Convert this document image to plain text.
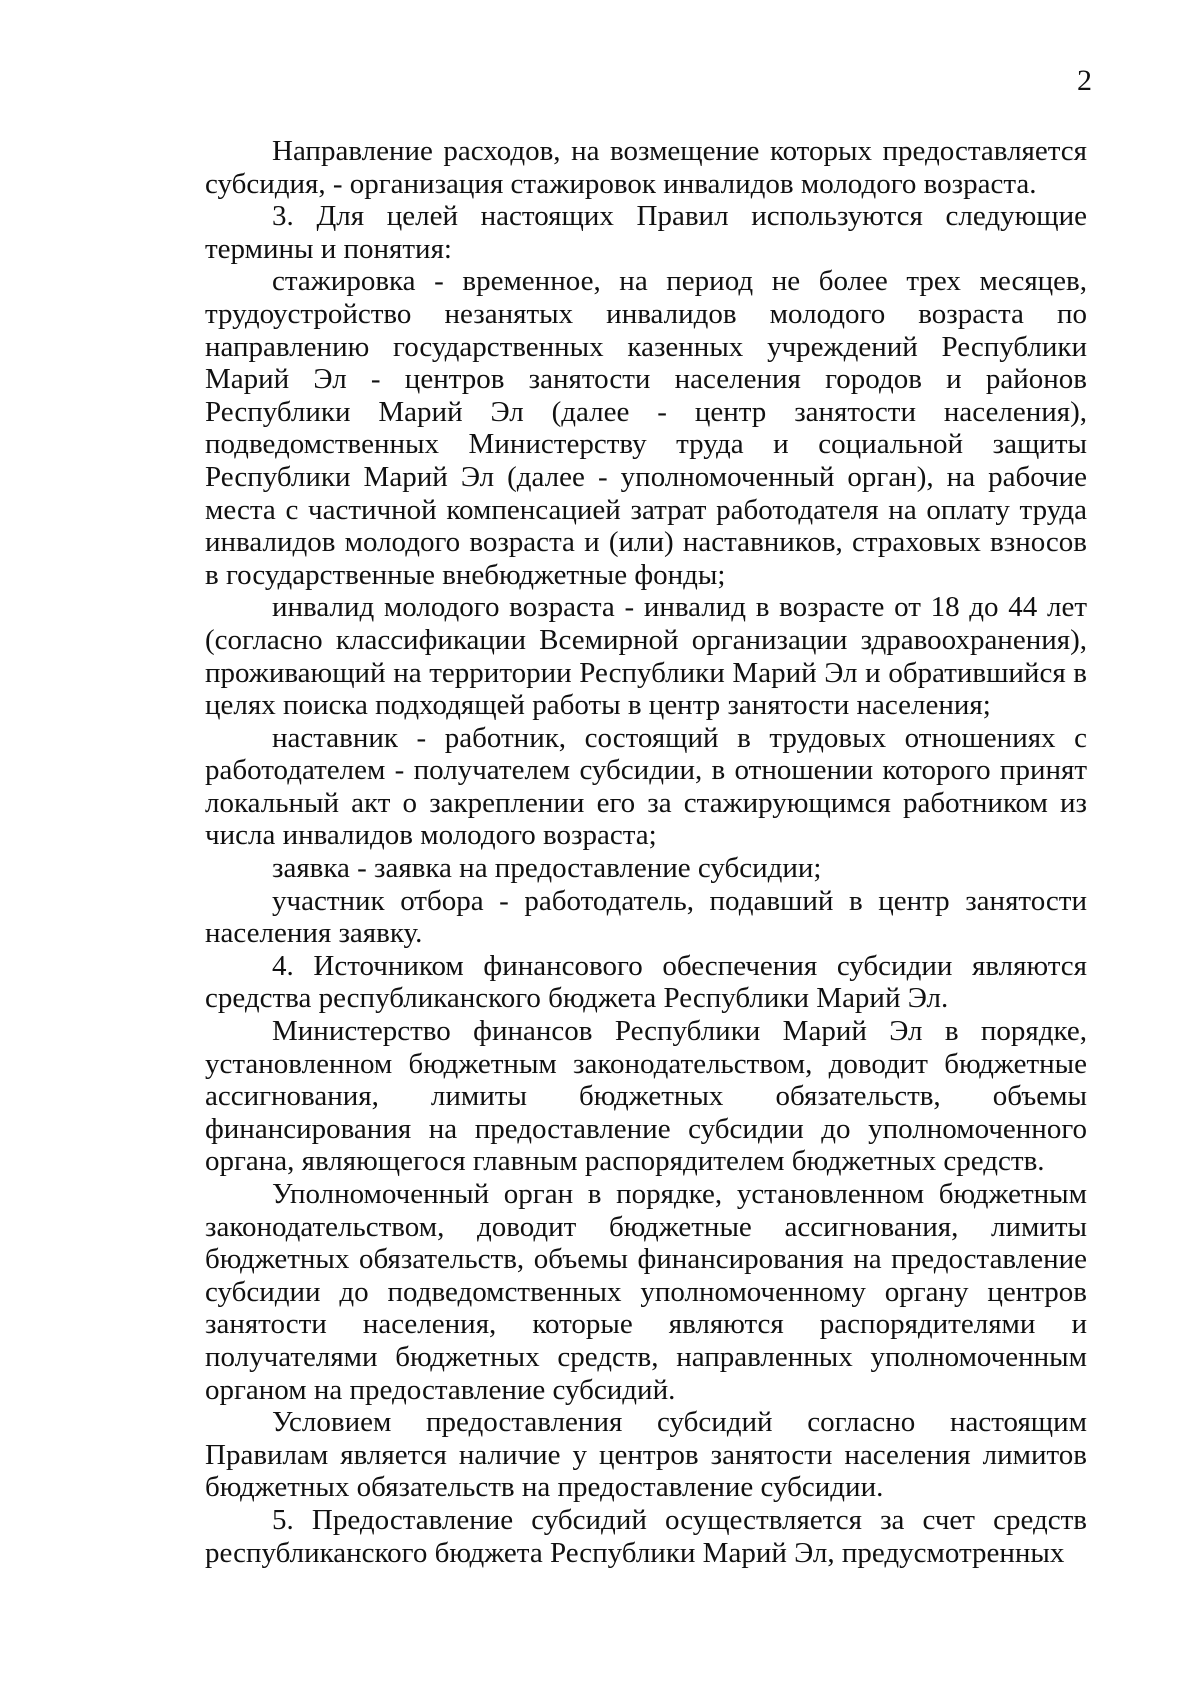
2

Направление расходов, на возмещение которых предоставляется субсидия, - организация стажировок инвалидов молодого возраста.

3. Для целей настоящих Правил используются следующие термины и понятия:

стажировка - временное, на период не более трех месяцев, трудоустройство незанятых инвалидов молодого возраста по направлению государственных казенных учреждений Республики Марий Эл - центров занятости населения городов и районов Республики Марий Эл (далее - центр занятости населения), подведомственных Министерству труда и социальной защиты Республики Марий Эл (далее - уполномоченный орган), на рабочие места с частичной компенсацией затрат работодателя на оплату труда инвалидов молодого возраста и (или) наставников, страховых взносов в государственные внебюджетные фонды;

инвалид молодого возраста - инвалид в возрасте от 18 до 44 лет (согласно классификации Всемирной организации здравоохранения), проживающий на территории Республики Марий Эл и обратившийся в целях поиска подходящей работы в центр занятости населения;

наставник - работник, состоящий в трудовых отношениях с работодателем - получателем субсидии, в отношении которого принят локальный акт о закреплении его за стажирующимся работником из числа инвалидов молодого возраста;

заявка - заявка на предоставление субсидии;

участник отбора - работодатель, подавший в центр занятости населения заявку.

4. Источником финансового обеспечения субсидии являются средства республиканского бюджета Республики Марий Эл.

Министерство финансов Республики Марий Эл в порядке, установленном бюджетным законодательством, доводит бюджетные ассигнования, лимиты бюджетных обязательств, объемы финансирования на предоставление субсидии до уполномоченного органа, являющегося главным распорядителем бюджетных средств.

Уполномоченный орган в порядке, установленном бюджетным законодательством, доводит бюджетные ассигнования, лимиты бюджетных обязательств, объемы финансирования на предоставление субсидии до подведомственных уполномоченному органу центров занятости населения, которые являются распорядителями и получателями бюджетных средств, направленных уполномоченным органом на предоставление субсидий.

Условием предоставления субсидий согласно настоящим Правилам является наличие у центров занятости населения лимитов бюджетных обязательств на предоставление субсидии.

5. Предоставление субсидий осуществляется за счет средств республиканского бюджета Республики Марий Эл, предусмотренных
